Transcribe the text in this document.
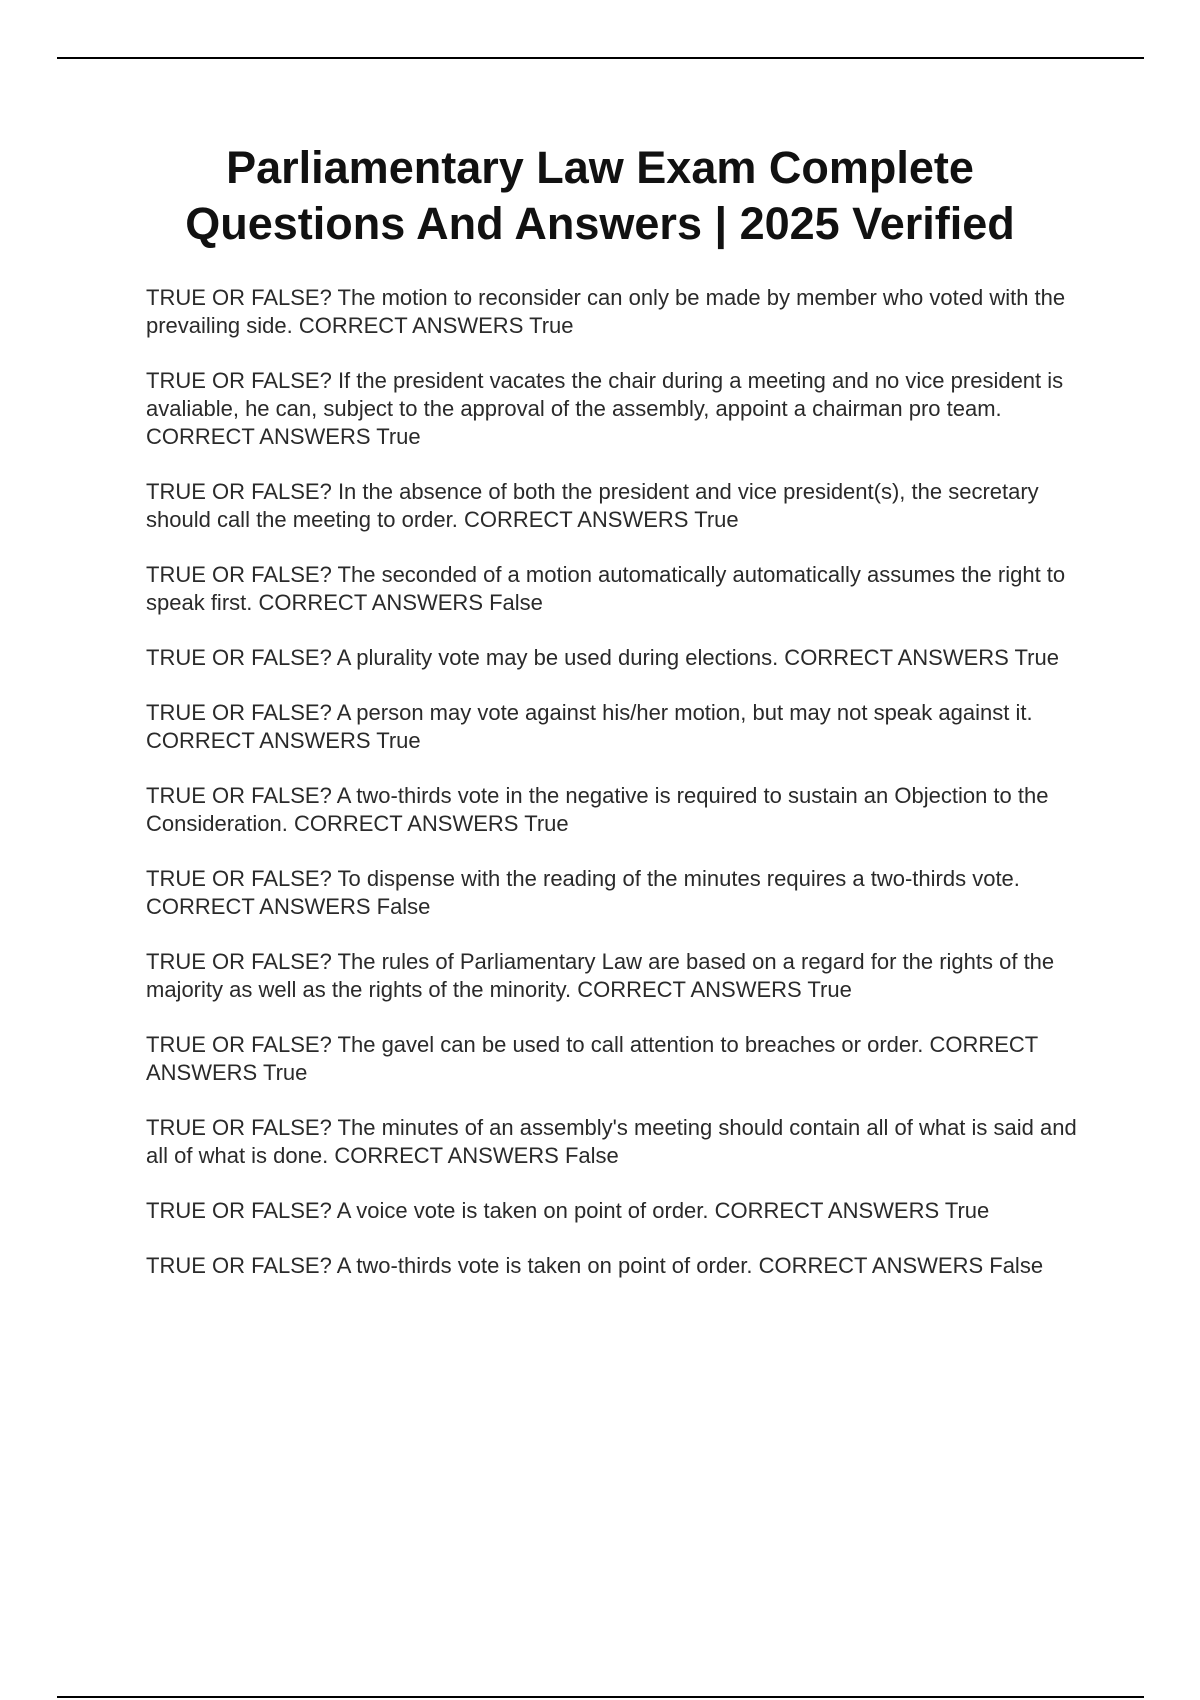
Parliamentary Law Exam Complete
Questions And Answers | 2025 Verified
TRUE OR FALSE? The motion to reconsider can only be made by member who voted with the prevailing side. CORRECT ANSWERS True
TRUE OR FALSE? If the president vacates the chair during a meeting and no vice president is avaliable, he can, subject to the approval of the assembly, appoint a chairman pro team. CORRECT ANSWERS True
TRUE OR FALSE? In the absence of both the president and vice president(s), the secretary should call the meeting to order. CORRECT ANSWERS True
TRUE OR FALSE? The seconded of a motion automatically automatically assumes the right to speak first. CORRECT ANSWERS False
TRUE OR FALSE? A plurality vote may be used during elections. CORRECT ANSWERS True
TRUE OR FALSE? A person may vote against his/her motion, but may not speak against it. CORRECT ANSWERS True
TRUE OR FALSE? A two-thirds vote in the negative is required to sustain an Objection to the Consideration. CORRECT ANSWERS True
TRUE OR FALSE? To dispense with the reading of the minutes requires a two-thirds vote. CORRECT ANSWERS False
TRUE OR FALSE? The rules of Parliamentary Law are based on a regard for the rights of the majority as well as the rights of the minority. CORRECT ANSWERS True
TRUE OR FALSE? The gavel can be used to call attention to breaches or order. CORRECT ANSWERS True
TRUE OR FALSE? The minutes of an assembly's meeting should contain all of what is said and all of what is done. CORRECT ANSWERS False
TRUE OR FALSE? A voice vote is taken on point of order. CORRECT ANSWERS True
TRUE OR FALSE? A two-thirds vote is taken on point of order. CORRECT ANSWERS False
